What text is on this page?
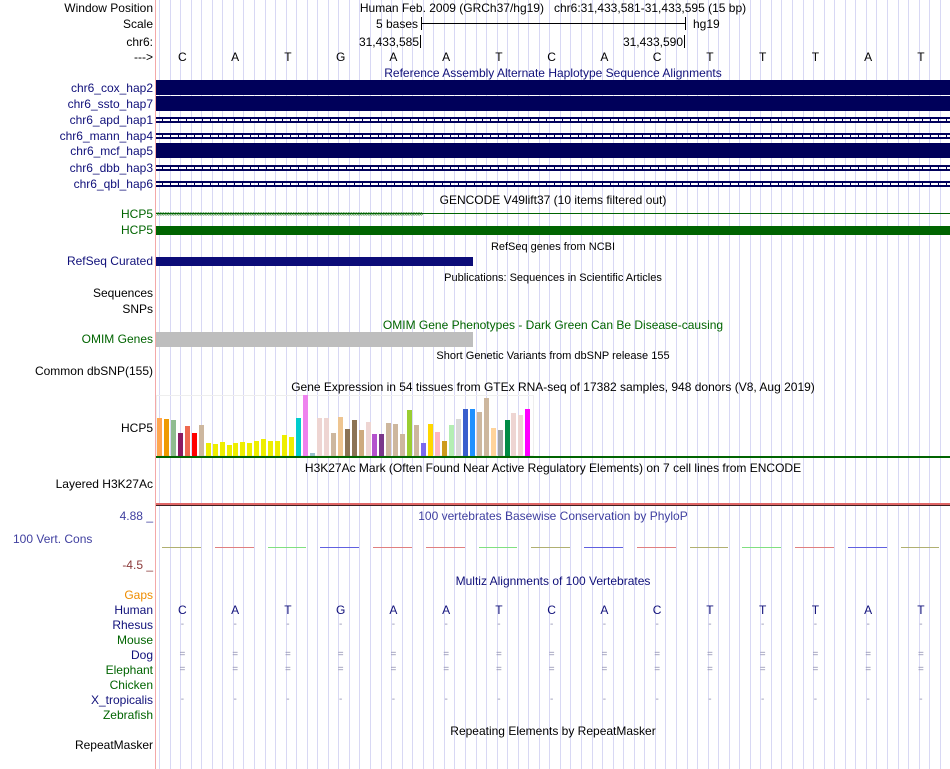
Window Position
Scale
chr6:
--->
Human Feb. 2009 (GRCh37/hg19)   chr6:31,433,581-31,433,595 (15 bp)
5 bases	hg19
31,433,585	31,433,590
C	A	T	G	A	A	T	C	A	C	T	T	T	A	T
Reference Assembly Alternate Haplotype Sequence Alignments
chr6_cox_hap2
chr6_ssto_hap7
chr6_apd_hap1
chr6_mann_hap4
chr6_mcf_hap5
chr6_dbb_hap3
chr6_qbl_hap6
GENCODE V49lift37 (10 items filtered out)
HCP5 ››››››››››››››››››››››››››››››››››››››››››››››››››››››››››››››››››››››››››››››››››››››››››››››››››››››››››››››››››››››››››››››››››››››››››››››››››››››››››››››››
HCP5
RefSeq genes from NCBI
RefSeq Curated
Publications: Sequences in Scientific Articles
Sequences
SNPs
OMIM Gene Phenotypes - Dark Green Can Be Disease-causing
OMIM Genes
Short Genetic Variants from dbSNP release 155
Common dbSNP(155)
Gene Expression in 54 tissues from GTEx RNA-seq of 17382 samples, 948 donors (V8, Aug 2019)
HCP5
H3K27Ac Mark (Often Found Near Active Regulatory Elements) on 7 cell lines from ENCODE
Layered H3K27Ac
4.88 _	100 vertebrates Basewise Conservation by PhyloP
100 Vert. Cons
-4.5 _
Multiz Alignments of 100 Vertebrates
Gaps
Human C	A	T	G	A	A	T	C	A	C	T	T	T	A	T
Rhesus	-	-	-	-	-	-	-	-	-	-	-	-	-	-	-
Mouse
Dog	=	=	=	=	=	=	=	=	=	=	=	=	=	=	=
Elephant	=	=	=	=	=	=	=	=	=	=	=	=	=	=	=
Chicken
X_tropicalis	-	-	-	-	-	-	-	-	-	-	-	-	-	-	-
Zebrafish
Repeating Elements by RepeatMasker
RepeatMasker
